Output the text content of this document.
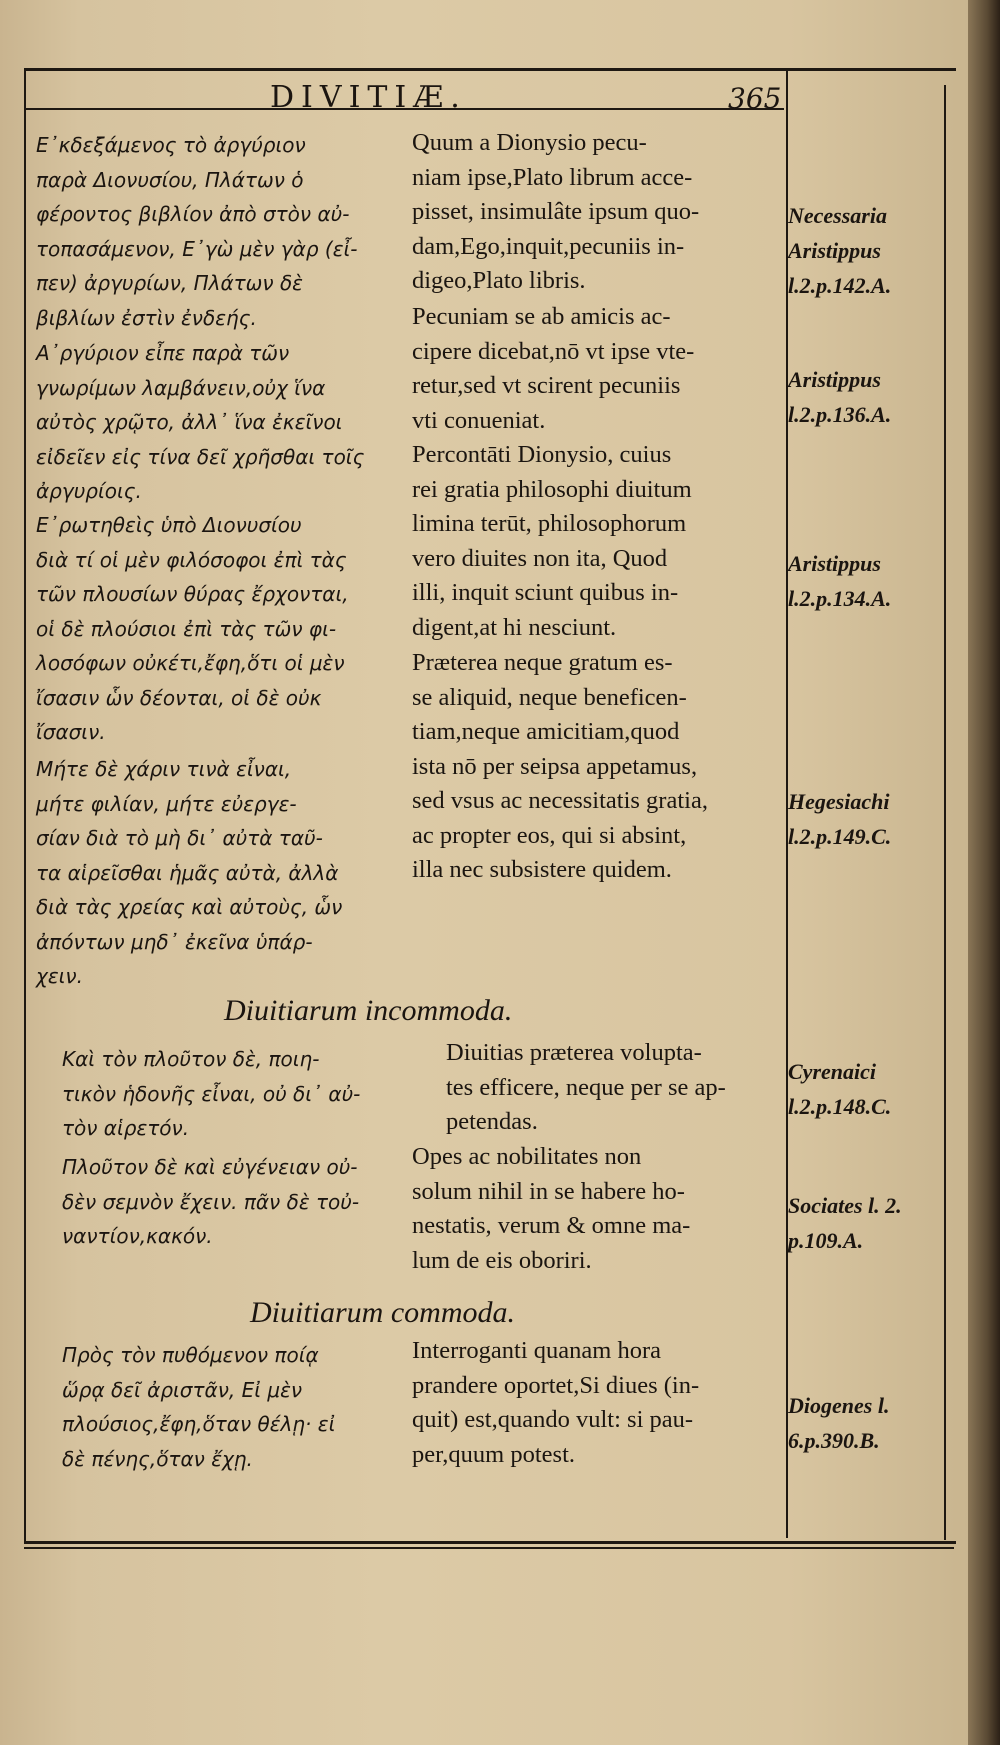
DIVITIÆ.	365
Ε᾿κδεξάμενος τὸ ἀργύριον
παρὰ Διονυσίου, Πλάτων ὁ
φέροντος βιβλίον ἀπὸ στὸν αὐ-
τοπασάμενον, Ε᾿γὼ μὲν γὰρ (εἶ-
πεν) ἀργυρίων, Πλάτων δὲ
βιβλίων ἐστὶν ἐνδεής.
Quum a Dionysio pecu-
niam ipse,Plato librum acce-
pisset, insimulâte ipsum quo-
dam,Ego,inquit,pecuniis in-
digeo,Plato libris.
Necessaria
Aristippus
l.2.p.142.A.
Α᾿ργύριον εἶπε παρὰ τῶν
γνωρίμων λαμβάνειν,οὐχ ἵνα
αὐτὸς χρῷτο, ἀλλ᾿ ἵνα ἐκεῖνοι
εἰδεῖεν εἰς τίνα δεῖ χρῆσθαι τοῖς
ἀργυρίοις.
Pecuniam se ab amicis ac-
cipere dicebat,nō vt ipse vte-
retur,sed vt scirent pecuniis
vti conueniat.
Aristippus
l.2.p.136.A.
Ε᾿ρωτηθεὶς ὑπὸ Διονυσίου
διὰ τί οἱ μὲν φιλόσοφοι ἐπὶ τὰς
τῶν πλουσίων θύρας ἔρχονται,
οἱ δὲ πλούσιοι ἐπὶ τὰς τῶν φι-
λοσόφων οὐκέτι,ἔφη,ὅτι οἱ μὲν
ἴσασιν ὧν δέονται, οἱ δὲ οὐκ
ἴσασιν.
Percontāti Dionysio, cuius
rei gratia philosophi diuitum
limina terūt, philosophorum
vero diuites non ita, Quod
illi, inquit sciunt quibus in-
digent,at hi nesciunt.
Aristippus
l.2.p.134.A.
Μήτε δὲ χάριν τινὰ εἶναι,
μήτε φιλίαν, μήτε εὐεργε-
σίαν διὰ τὸ μὴ δι᾿ αὐτὰ ταῦ-
τα αἱρεῖσθαι ἡμᾶς αὐτὰ, ἀλλὰ
διὰ τὰς χρείας καὶ αὐτοὺς, ὧν
ἀπόντων μηδ᾿ ἐκεῖνα ὑπάρ-
χειν.
Præterea neque gratum es-
se aliquid, neque beneficen-
tiam,neque amicitiam,quod
ista nō per seipsa appetamus,
sed vsus ac necessitatis gratia,
ac propter eos, qui si absint,
illa nec subsistere quidem.
Hegesiachi
l.2.p.149.C.
Diuitiarum incommoda.
Καὶ τὸν πλοῦτον δὲ, ποιη-
τικὸν ἡδονῆς εἶναι, οὐ δι᾿ αὐ-
τὸν αἱρετόν.
Diuitias præterea volupta-
tes efficere, neque per se ap-
petendas.
Cyrenaici
l.2.p.148.C.
Πλοῦτον δὲ καὶ εὐγένειαν οὐ-
δὲν σεμνὸν ἔχειν. πᾶν δὲ τοὐ-
ναντίον,κακόν.
Opes ac nobilitates non
solum nihil in se habere ho-
nestatis, verum & omne ma-
lum de eis oboriri.
Sociates l. 2.
p.109.A.
Diuitiarum commoda.
Πρὸς τὸν πυθόμενον ποίᾳ
ὥρᾳ δεῖ ἀριστᾶν, Εἰ μὲν
πλούσιος,ἔφη,ὅταν θέλῃ· εἰ
δὲ πένης,ὅταν ἔχῃ.
Interroganti quanam hora
prandere oportet,Si diues (in-
quit) est,quando vult: si pau-
per,quum potest.
Diogenes l.
6.p.390.B.
